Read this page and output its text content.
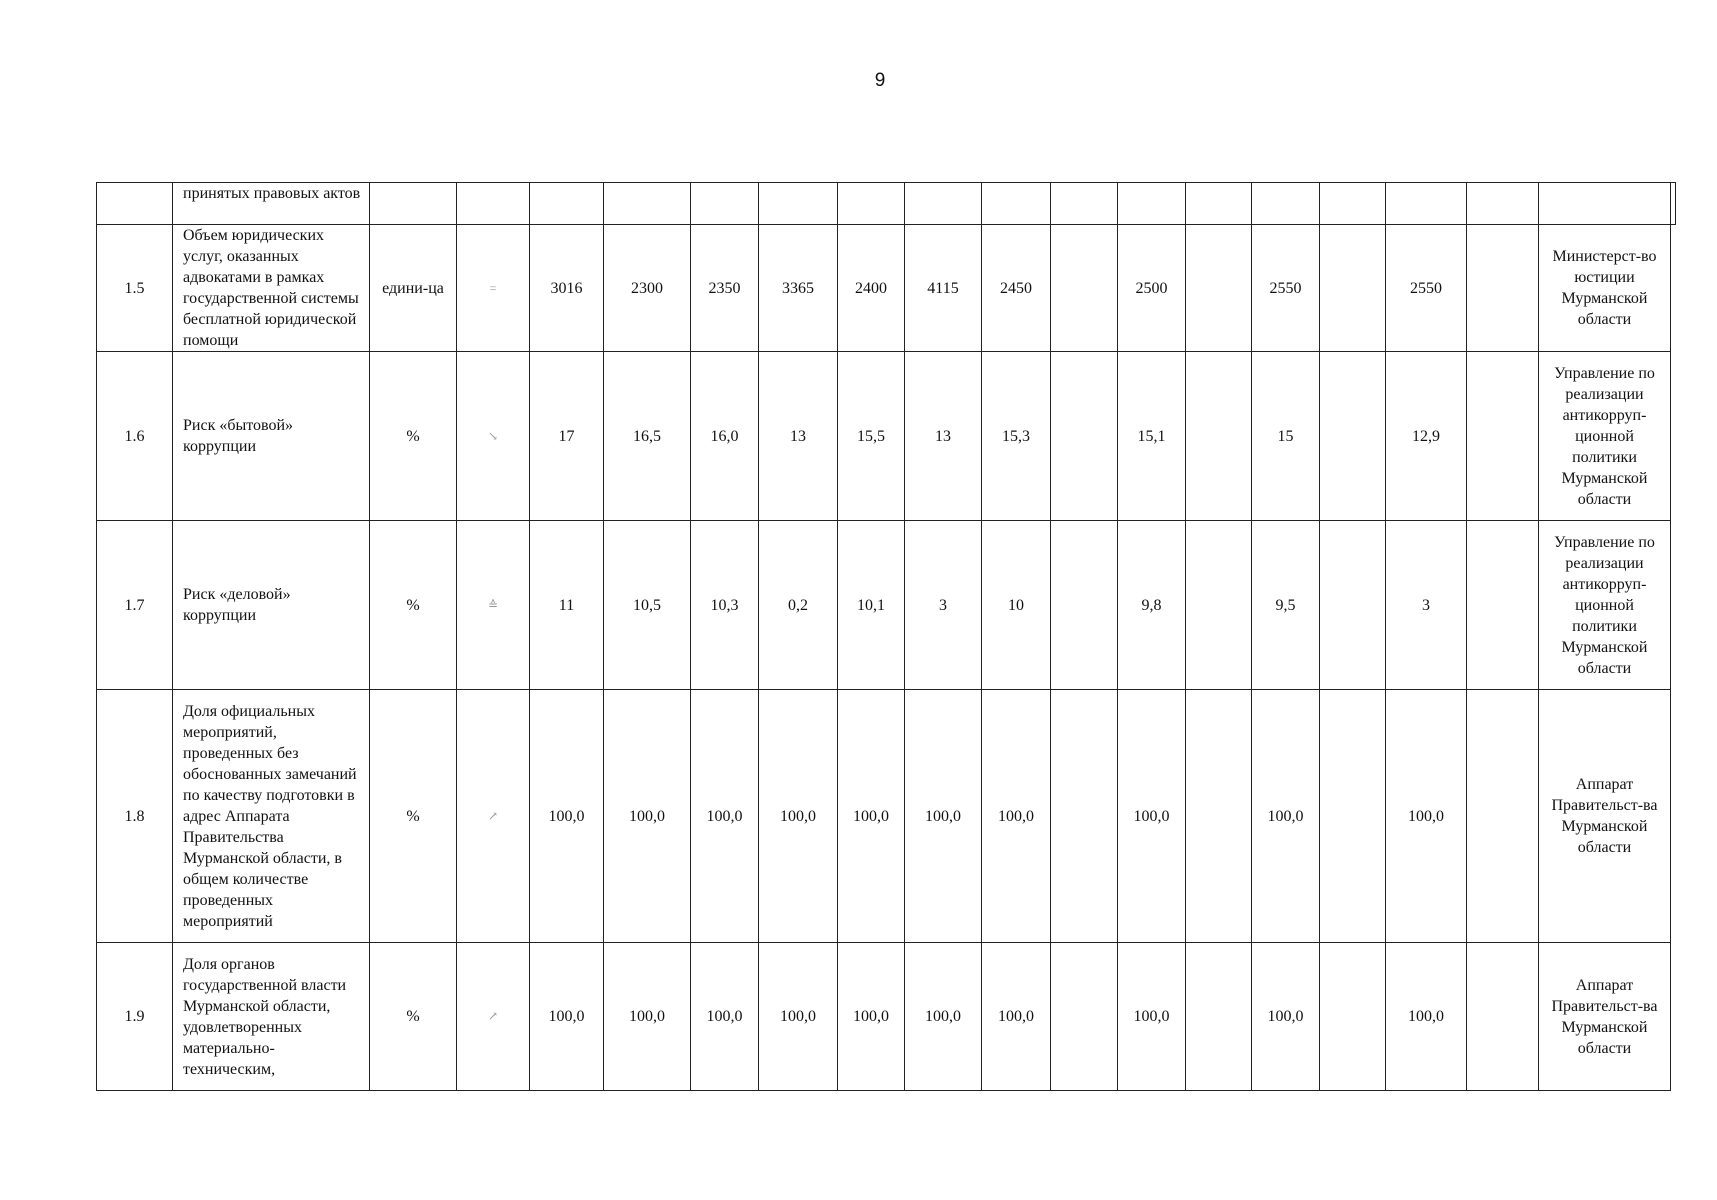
9
	принятых правовых актов																		
1.5	Объем юридических услуг, оказанных адвокатами в рамках государственной системы бесплатной юридической помощи	едини-ца	=	3016	2300	2350	3365	2400	4115	2450		2500		2550		2550		Министерст-во юстиции Мурманской области	
1.6	Риск «бытовой» коррупции	%	↘	17	16,5	16,0	13	15,5	13	15,3		15,1		15		12,9		Управление по реализации антикорруп-ционной политики Мурманской области	
1.7	Риск «деловой» коррупции	%	≙	11	10,5	10,3	0,2	10,1	3	10		9,8		9,5		3		Управление по реализации антикорруп-ционной политики Мурманской области	
1.8	Доля официальных мероприятий, проведенных без обоснованных замечаний по качеству подготовки в адрес Аппарата Правительства Мурманской области, в общем количестве проведенных мероприятий	%	↗	100,0	100,0	100,0	100,0	100,0	100,0	100,0		100,0		100,0		100,0		Аппарат Правительст-ва Мурманской области	
1.9	Доля органов государственной власти Мурманской области, удовлетворенных материально-техническим,	%	↗	100,0	100,0	100,0	100,0	100,0	100,0	100,0		100,0		100,0		100,0		Аппарат Правительст-ва Мурманской области	
